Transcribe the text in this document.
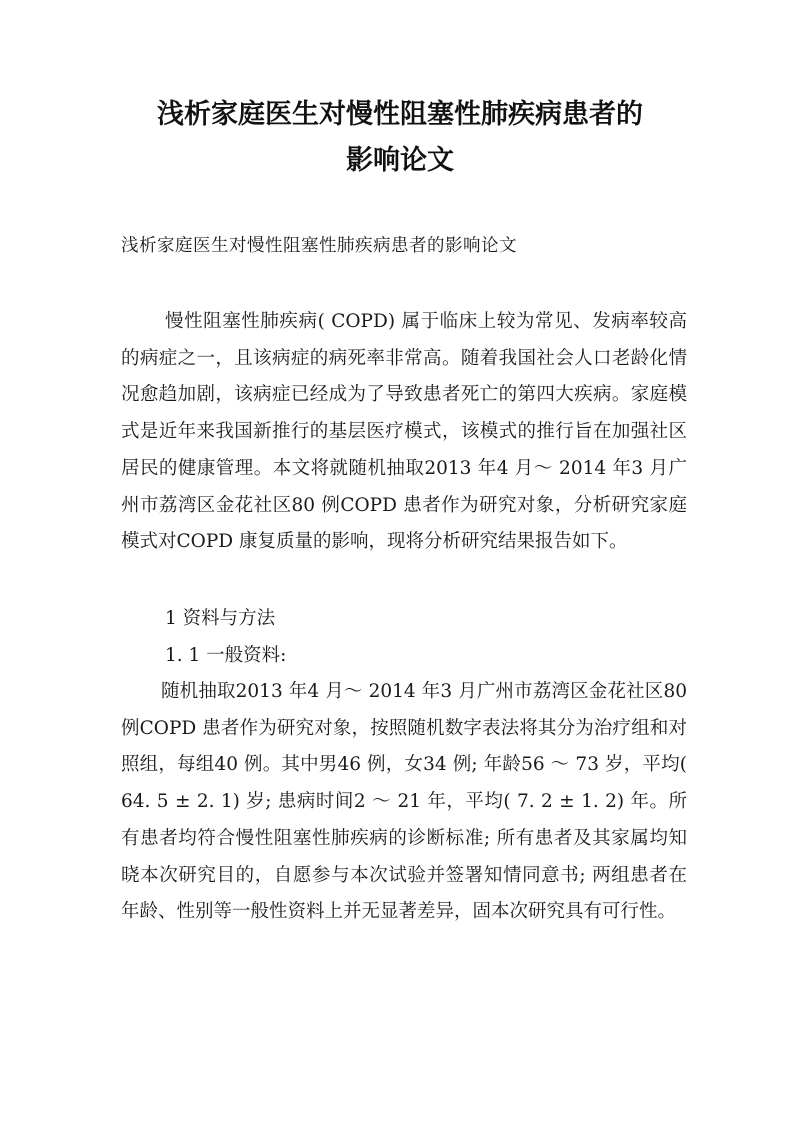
浅析家庭医生对慢性阻塞性肺疾病患者的
影响论文

浅析家庭医生对慢性阻塞性肺疾病患者的影响论文

慢性阻塞性肺疾病( COPD) 属于临床上较为常见、发病率较高的病症之一，且该病症的病死率非常高。随着我国社会人口老龄化情况愈趋加剧，该病症已经成为了导致患者死亡的第四大疾病。家庭模式是近年来我国新推行的基层医疗模式，该模式的推行旨在加强社区居民的健康管理。本文将就随机抽取2013 年4 月～ 2014 年3 月广州市荔湾区金花社区80 例COPD 患者作为研究对象，分析研究家庭模式对COPD 康复质量的影响，现将分析研究结果报告如下。

1 资料与方法

1. 1 一般资料:

随机抽取2013 年4 月～ 2014 年3 月广州市荔湾区金花社区80 例COPD 患者作为研究对象，按照随机数字表法将其分为治疗组和对照组，每组40 例。其中男46 例，女34 例; 年龄56 ～ 73 岁，平均( 64. 5 ± 2. 1) 岁; 患病时间2 ～ 21 年，平均( 7. 2 ± 1. 2) 年。所有患者均符合慢性阻塞性肺疾病的诊断标准; 所有患者及其家属均知晓本次研究目的，自愿参与本次试验并签署知情同意书; 两组患者在年龄、性别等一般性资料上并无显著差异，固本次研究具有可行性。
